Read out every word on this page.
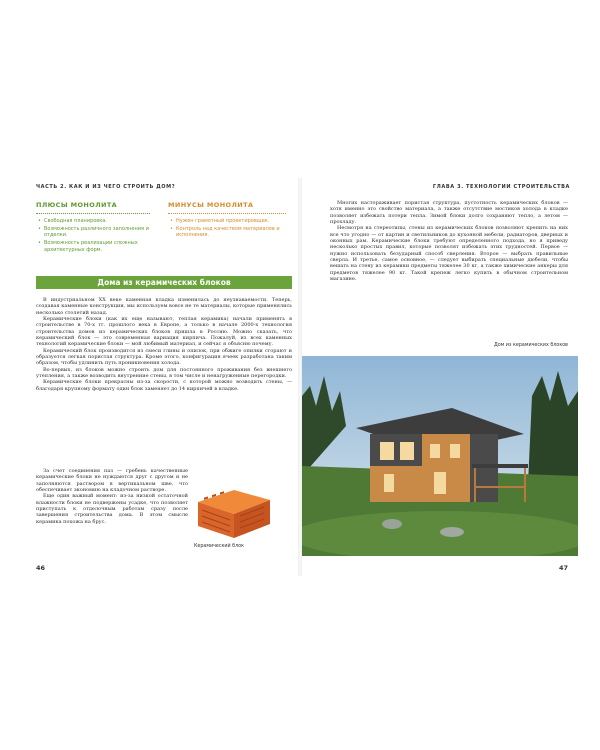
ЧАСТЬ 2. КАК И ИЗ ЧЕГО СТРОИТЬ ДОМ?
ПЛЮСЫ МОНОЛИТА
• Свободная планировка.
• Возможность различного заполнения и отделки.
• Возможность реализации сложных архитектурных форм.
МИНУСЫ МОНОЛИТА
• Нужен грамотный проектировщик.
• Контроль над качеством материалов и исполнения.
Дома из керамических блоков

В индустриальном XX веке каменная кладка изменилась до неузнаваемости. Теперь, создавая каменные конструкции, мы используем вовсе не те материалы, которые применялись несколько столетий назад.

Керамические блоки (как их еще называют, теплая керамика) начали применять в строительстве в 70-х гг. прошлого века в Европе, а только в начале 2000-х технология строительства домов из керамических блоков пришла в Россию. Можно сказать, что керамический блок — это современная вариация кирпича. Пожалуй, из всех каменных технологий керамические блоки — мой любимый материал, и сейчас я объясню почему.

Керамический блок производится из смеси глины и опилок, при обжиге опилки сгорают и образуется легкая пористая структура. Кроме этого, конфигурация ячеек разработана таким образом, чтобы удлинить путь проникновения холода.

Во-первых, из блоков можно строить дом для постоянного проживания без внешнего утепления, а также возводить внутренние стены, в том числе и ненагруженные перегородки.

Керамические блоки прекрасны из-за скорости, с которой можно возводить стены, — благодаря крупному формату один блок заменяет до 14 кирпичей в кладке.

За счет соединения паз — гребень качественные керамические блоки не нуждаются друг с другом и не заполняются раствором в вертикальном шве, что обеспечивает экономию на кладочном растворе.

Еще один важный момент: из-за низкой остаточной влажности блоки не подвержены усадке, что позволяет приступать к отделочным работам сразу после завершения строительства дома. В этом смысле керамика похожа на брус.

Керамический блок
46
ГЛАВА 3. ТЕХНОЛОГИИ СТРОИТЕЛЬСТВА

Многих настораживает пористая структура, пустотность керамических блоков — хотя именно это свойство материала, а также отсутствие мостиков холода в кладке позволяет избежать потери тепла. Зимой блоки долго сохраняют тепло, а летом — прохладу.

Несмотря на стереотипы, стены из керамических блоков позволяют крепить на них все что угодно — от картин и светильников до кухонной мебели, радиаторов, дверных и оконных рам. Керамические блоки требуют определенного подхода, но я приведу несколько простых правил, которые позволят избежать этих трудностей. Первое — нужно использовать безударный способ сверления. Второе — выбрать правильные сверла. И третье, самое основное, — следует выбирать специальные дюбели, чтобы вешать на стену из керамики предметы тяжелее 30 кг, а также химические анкеры для предметов тяжелее 90 кг. Такой крепеж легко купить в обычном строительном магазине.

Дом из керамических блоков
47
